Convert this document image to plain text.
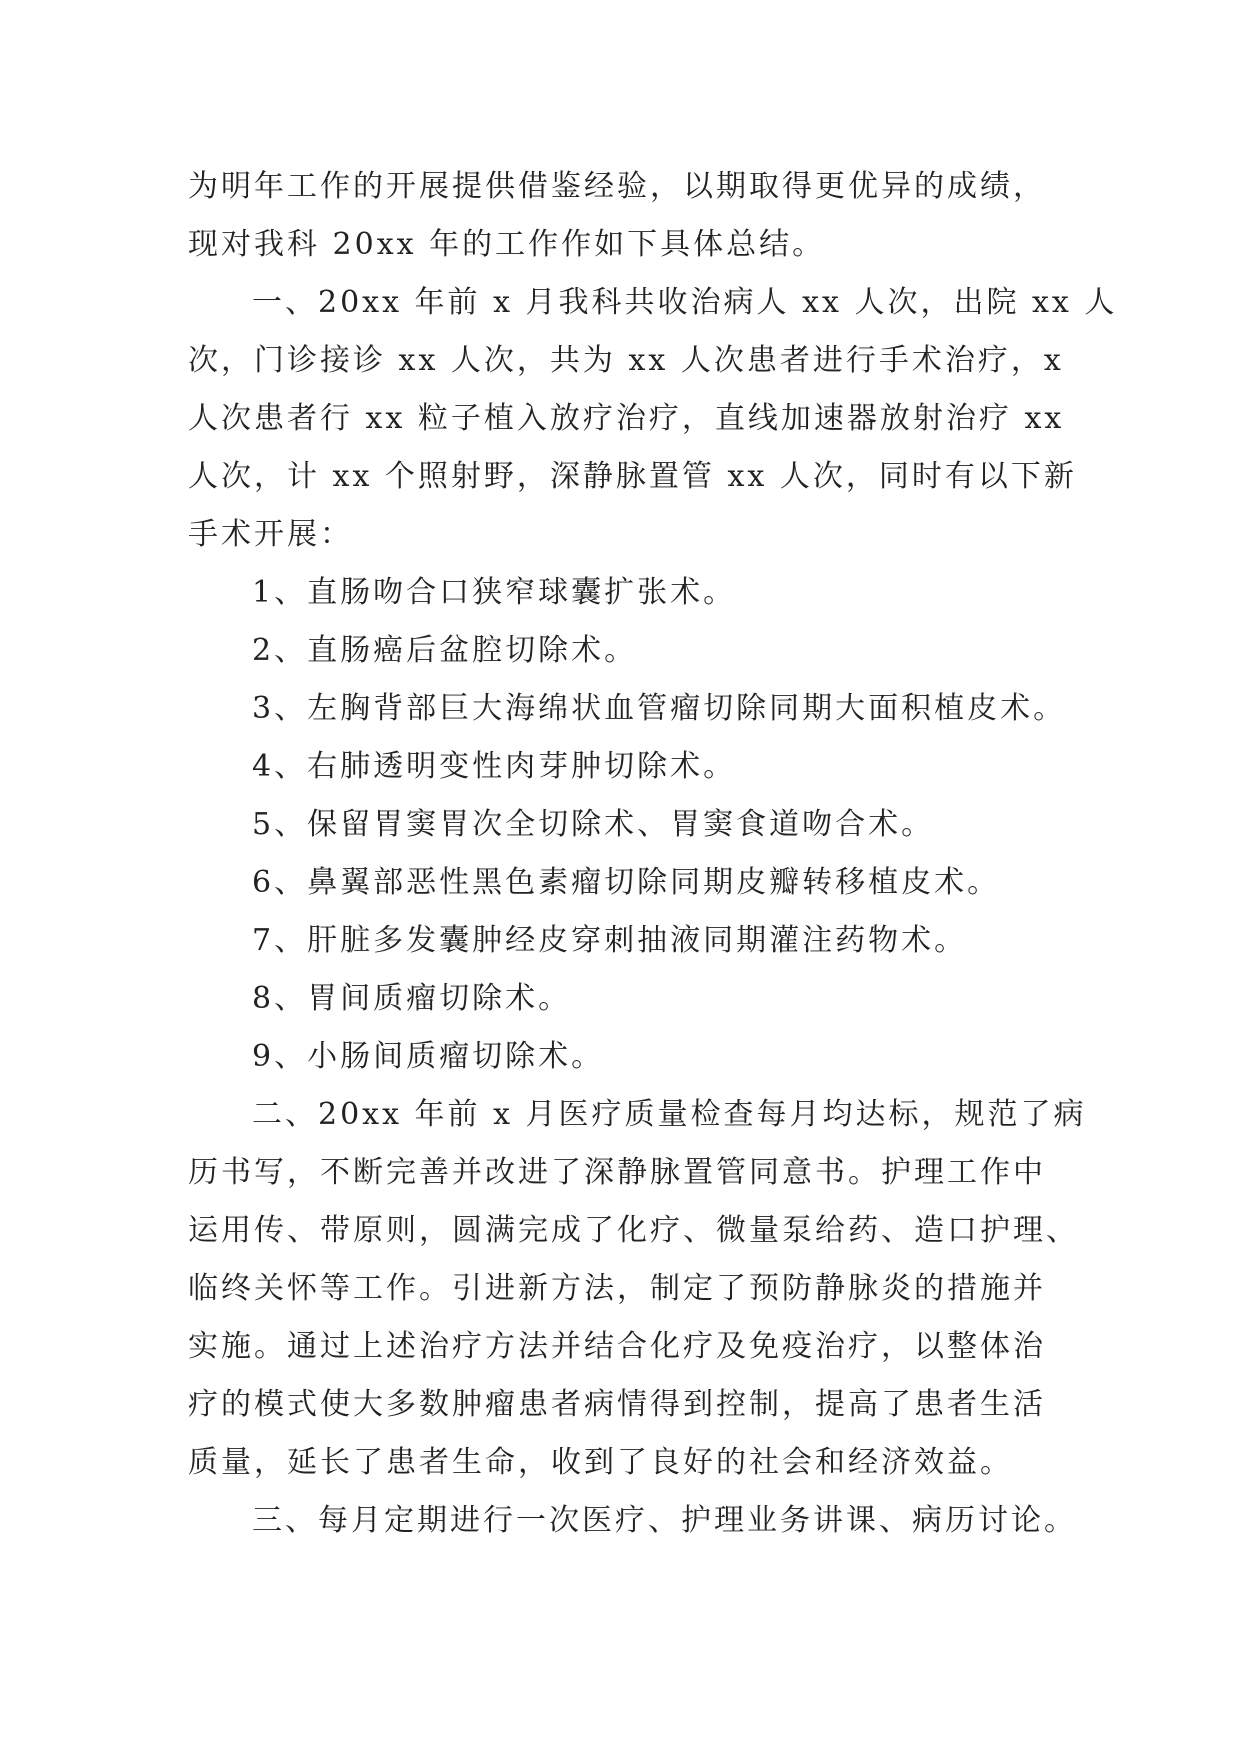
为明年工作的开展提供借鉴经验，以期取得更优异的成绩，
现对我科 20xx 年的工作作如下具体总结。
一、20xx 年前 x 月我科共收治病人 xx 人次，出院 xx 人
次，门诊接诊 xx 人次，共为 xx 人次患者进行手术治疗，x
人次患者行 xx 粒子植入放疗治疗，直线加速器放射治疗 xx
人次，计 xx 个照射野，深静脉置管 xx 人次，同时有以下新
手术开展：
1、直肠吻合口狭窄球囊扩张术。
2、直肠癌后盆腔切除术。
3、左胸背部巨大海绵状血管瘤切除同期大面积植皮术。
4、右肺透明变性肉芽肿切除术。
5、保留胃窦胃次全切除术、胃窦食道吻合术。
6、鼻翼部恶性黑色素瘤切除同期皮瓣转移植皮术。
7、肝脏多发囊肿经皮穿刺抽液同期灌注药物术。
8、胃间质瘤切除术。
9、小肠间质瘤切除术。
二、20xx 年前 x 月医疗质量检查每月均达标，规范了病
历书写，不断完善并改进了深静脉置管同意书。护理工作中
运用传、带原则，圆满完成了化疗、微量泵给药、造口护理、
临终关怀等工作。引进新方法，制定了预防静脉炎的措施并
实施。通过上述治疗方法并结合化疗及免疫治疗，以整体治
疗的模式使大多数肿瘤患者病情得到控制，提高了患者生活
质量，延长了患者生命，收到了良好的社会和经济效益。
三、每月定期进行一次医疗、护理业务讲课、病历讨论。
